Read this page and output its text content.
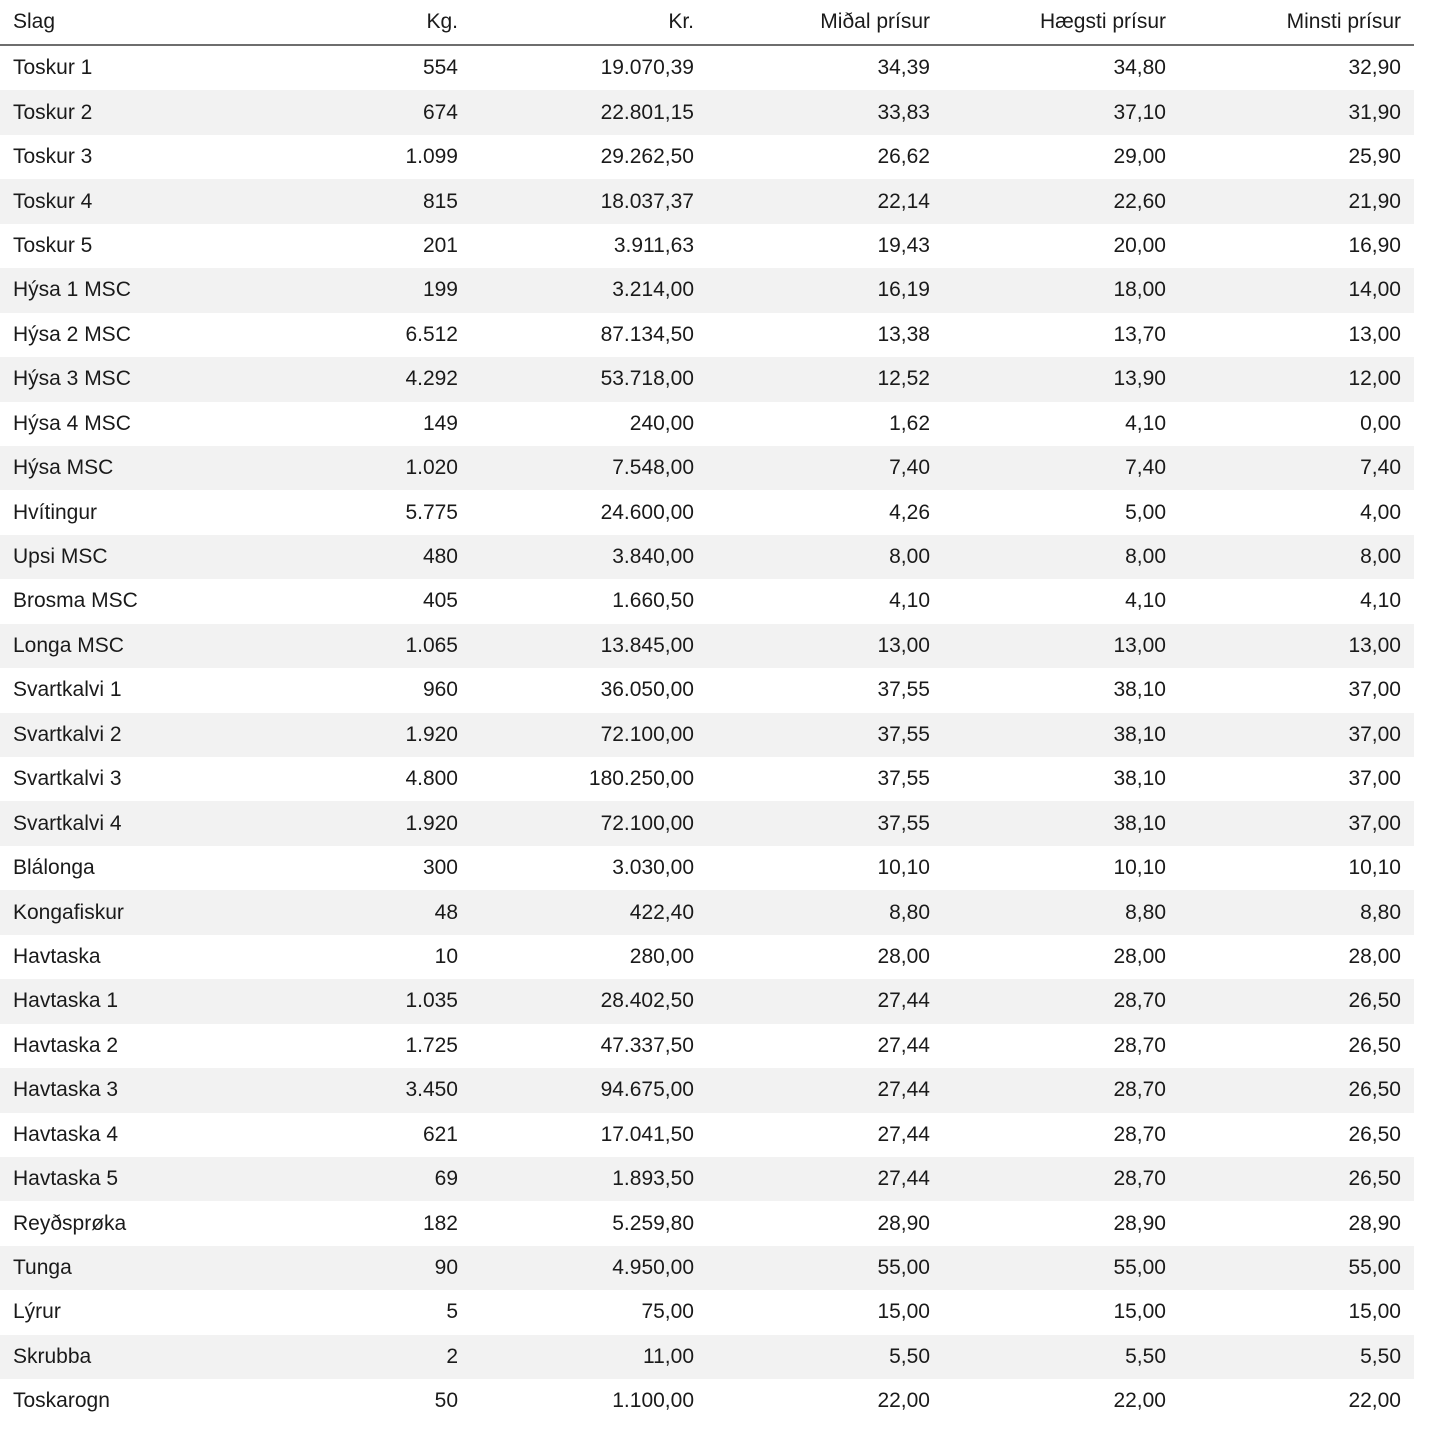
Slag	Kg.	Kr.	Miðal prísur	Hægsti prísur	Minsti prísur
Toskur 1	554	19.070,39	34,39	34,80	32,90
Toskur 2	674	22.801,15	33,83	37,10	31,90
Toskur 3	1.099	29.262,50	26,62	29,00	25,90
Toskur 4	815	18.037,37	22,14	22,60	21,90
Toskur 5	201	3.911,63	19,43	20,00	16,90
Hýsa 1 MSC	199	3.214,00	16,19	18,00	14,00
Hýsa 2 MSC	6.512	87.134,50	13,38	13,70	13,00
Hýsa 3 MSC	4.292	53.718,00	12,52	13,90	12,00
Hýsa 4 MSC	149	240,00	1,62	4,10	0,00
Hýsa MSC	1.020	7.548,00	7,40	7,40	7,40
Hvítingur	5.775	24.600,00	4,26	5,00	4,00
Upsi MSC	480	3.840,00	8,00	8,00	8,00
Brosma MSC	405	1.660,50	4,10	4,10	4,10
Longa MSC	1.065	13.845,00	13,00	13,00	13,00
Svartkalvi 1	960	36.050,00	37,55	38,10	37,00
Svartkalvi 2	1.920	72.100,00	37,55	38,10	37,00
Svartkalvi 3	4.800	180.250,00	37,55	38,10	37,00
Svartkalvi 4	1.920	72.100,00	37,55	38,10	37,00
Blálonga	300	3.030,00	10,10	10,10	10,10
Kongafiskur	48	422,40	8,80	8,80	8,80
Havtaska	10	280,00	28,00	28,00	28,00
Havtaska 1	1.035	28.402,50	27,44	28,70	26,50
Havtaska 2	1.725	47.337,50	27,44	28,70	26,50
Havtaska 3	3.450	94.675,00	27,44	28,70	26,50
Havtaska 4	621	17.041,50	27,44	28,70	26,50
Havtaska 5	69	1.893,50	27,44	28,70	26,50
Reyðsprøka	182	5.259,80	28,90	28,90	28,90
Tunga	90	4.950,00	55,00	55,00	55,00
Lýrur	5	75,00	15,00	15,00	15,00
Skrubba	2	11,00	5,50	5,50	5,50
Toskarogn	50	1.100,00	22,00	22,00	22,00
